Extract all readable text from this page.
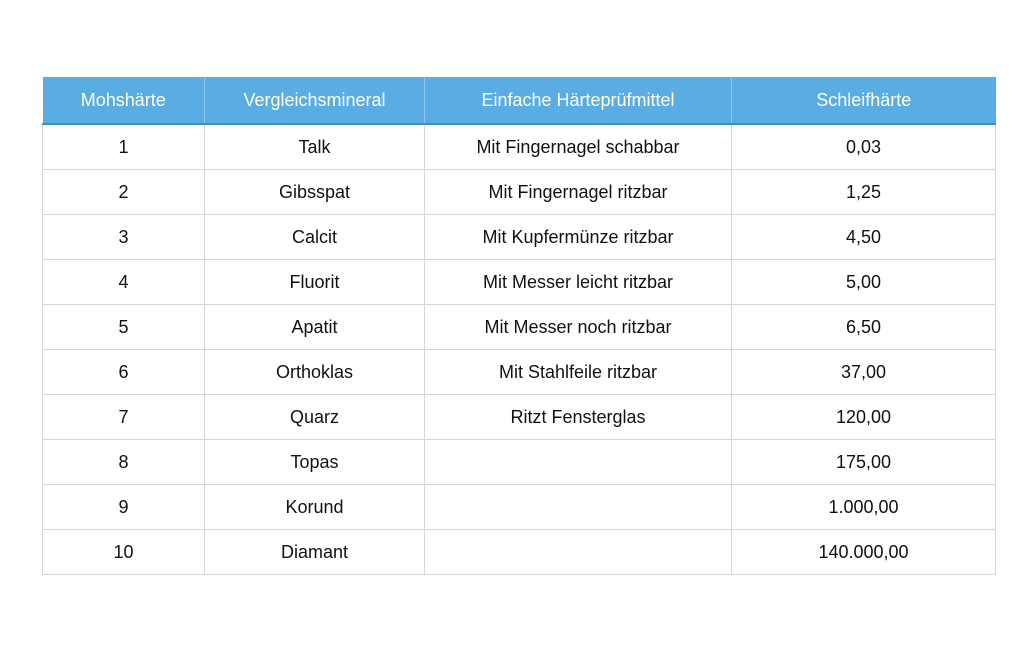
Mohshärte	Vergleichsmineral	Einfache Härteprüfmittel	Schleifhärte
1	Talk	Mit Fingernagel schabbar	0,03
2	Gibsspat	Mit Fingernagel ritzbar	1,25
3	Calcit	Mit Kupfermünze ritzbar	4,50
4	Fluorit	Mit Messer leicht ritzbar	5,00
5	Apatit	Mit Messer noch ritzbar	6,50
6	Orthoklas	Mit Stahlfeile ritzbar	37,00
7	Quarz	Ritzt Fensterglas	120,00
8	Topas		175,00
9	Korund		1.000,00
10	Diamant		140.000,00
